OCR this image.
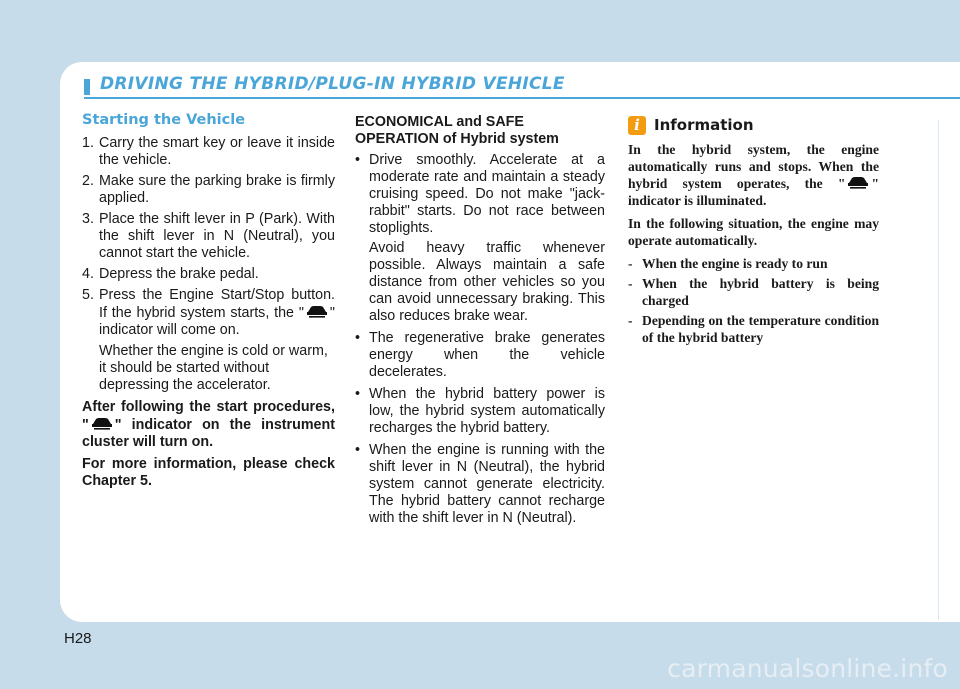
DRIVING THE HYBRID/PLUG-IN HYBRID VEHICLE
Starting the Vehicle
1. Carry the smart key or leave it inside the vehicle.
2. Make sure the parking brake is firmly applied.
3. Place the shift lever in P (Park). With the shift lever in N (Neutral), you cannot start the vehicle.
4. Depress the brake pedal.
5. Press the Engine Start/Stop button. If the hybrid system starts, the " " indicator will come on.
Whether the engine is cold or warm, it should be started without depressing the accelerator.
After following the start procedures, " " indicator on the instrument cluster will turn on.
For more information, please check Chapter 5.
ECONOMICAL and SAFE OPERATION of Hybrid system
• Drive smoothly. Accelerate at a moderate rate and maintain a steady cruising speed. Do not make "jack-rabbit" starts. Do not race between stoplights.
Avoid heavy traffic whenever possible. Always maintain a safe distance from other vehicles so you can avoid unnecessary braking. This also reduces brake wear.
• The regenerative brake generates energy when the vehicle decelerates.
• When the hybrid battery power is low, the hybrid system automatically recharges the hybrid battery.
• When the engine is running with the shift lever in N (Neutral), the hybrid system cannot generate electricity. The hybrid battery cannot recharge with the shift lever in N (Neutral).
i Information

In the hybrid system, the engine automatically runs and stops. When the hybrid system operates, the " " indicator is illuminated.

In the following situation, the engine may operate automatically.

- When the engine is ready to run
- When the hybrid battery is being charged
- Depending on the temperature condition of the hybrid battery
H28
carmanualsonline.info
